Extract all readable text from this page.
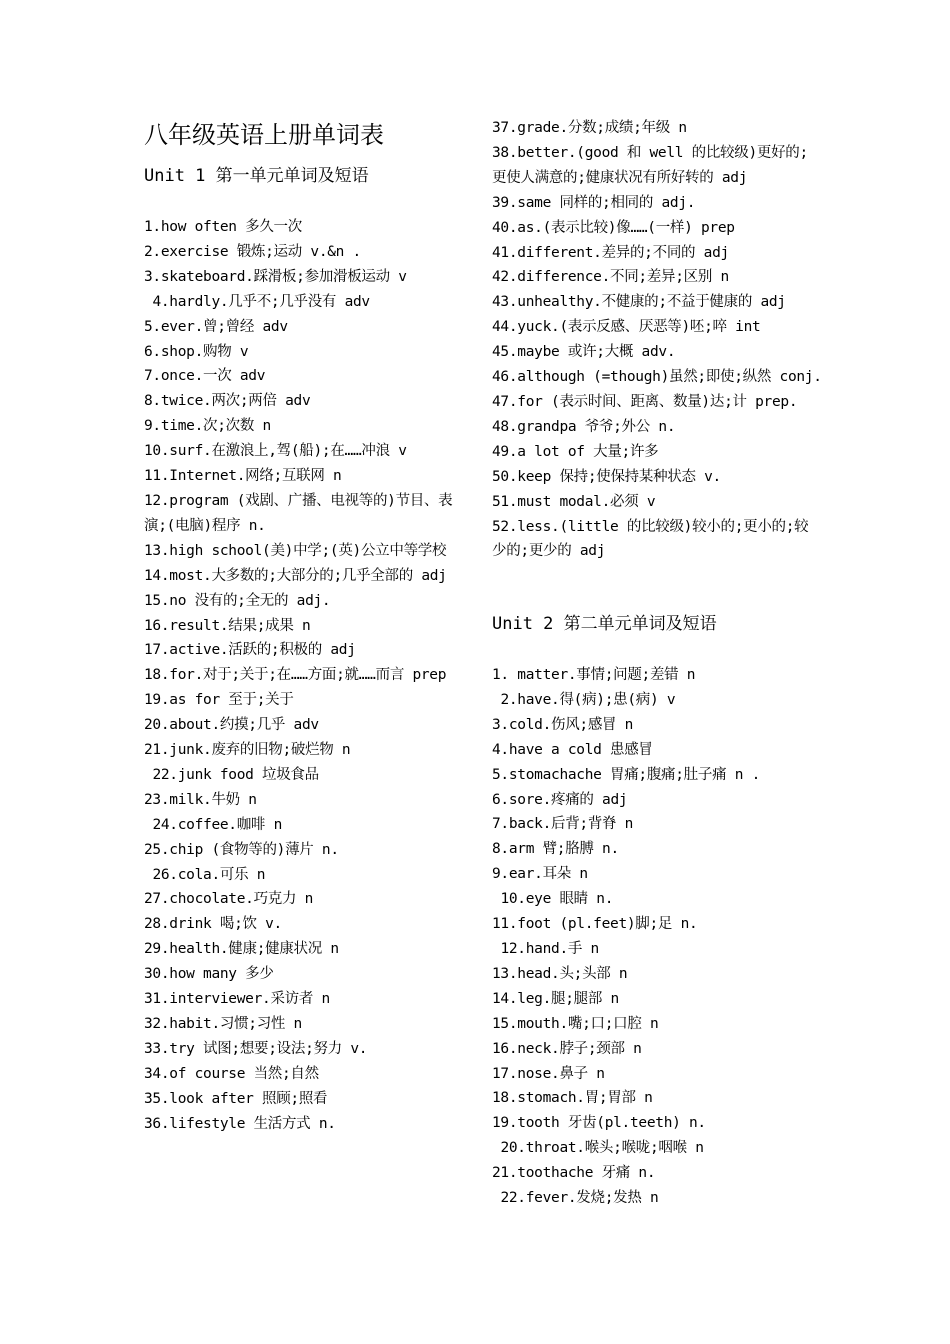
八年级英语上册单词表
Unit 1 第一单元单词及短语
1.how often 多久一次
2.exercise 锻炼;运动 v.&n .
3.skateboard.踩滑板;参加滑板运动 v
4.hardly.几乎不;几乎没有 adv
5.ever.曾;曾经 adv
6.shop.购物 v
7.once.一次 adv
8.twice.两次;两倍 adv
9.time.次;次数 n
10.surf.在激浪上,驾(船);在……冲浪 v
11.Internet.网络;互联网 n
12.program (戏剧、广播、电视等的)节目、表演;(电脑)程序 n.
13.high school(美)中学;(英)公立中等学校
14.most.大多数的;大部分的;几乎全部的 adj
15.no 没有的;全无的 adj.
16.result.结果;成果 n
17.active.活跃的;积极的 adj
18.for.对于;关于;在……方面;就……而言 prep
19.as for 至于;关于
20.about.约摸;几乎 adv
21.junk.废弃的旧物;破烂物 n
22.junk food 垃圾食品
23.milk.牛奶 n
24.coffee.咖啡 n
25.chip (食物等的)薄片 n.
26.cola.可乐 n
27.chocolate.巧克力 n
28.drink 喝;饮 v.
29.health.健康;健康状况 n
30.how many 多少
31.interviewer.采访者 n
32.habit.习惯;习性 n
33.try 试图;想要;设法;努力 v.
34.of course 当然;自然
35.look after 照顾;照看
36.lifestyle 生活方式 n.
37.grade.分数;成绩;年级 n
38.better.(good 和 well 的比较级)更好的;更使人满意的;健康状况有所好转的 adj
39.same 同样的;相同的 adj.
40.as.(表示比较)像……(一样) prep
41.different.差异的;不同的 adj
42.difference.不同;差异;区别 n
43.unhealthy.不健康的;不益于健康的 adj
44.yuck.(表示反感、厌恶等)呸;啐 int
45.maybe 或许;大概 adv.
46.although (=though)虽然;即使;纵然 conj.
47.for (表示时间、距离、数量)达;计 prep.
48.grandpa 爷爷;外公 n.
49.a lot of 大量;许多
50.keep 保持;使保持某种状态 v.
51.must modal.必须 v
52.less.(little 的比较级)较小的;更小的;较少的;更少的 adj
Unit 2 第二单元单词及短语
1. matter.事情;问题;差错 n
2.have.得(病);患(病) v
3.cold.伤风;感冒 n
4.have a cold 患感冒
5.stomachache 胃痛;腹痛;肚子痛 n .
6.sore.疼痛的 adj
7.back.后背;背脊 n
8.arm 臂;胳膊 n.
9.ear.耳朵 n
10.eye 眼睛 n.
11.foot (pl.feet)脚;足 n.
12.hand.手 n
13.head.头;头部 n
14.leg.腿;腿部 n
15.mouth.嘴;口;口腔 n
16.neck.脖子;颈部 n
17.nose.鼻子 n
18.stomach.胃;胃部 n
19.tooth 牙齿(pl.teeth) n.
20.throat.喉头;喉咙;咽喉 n
21.toothache 牙痛 n.
22.fever.发烧;发热 n
